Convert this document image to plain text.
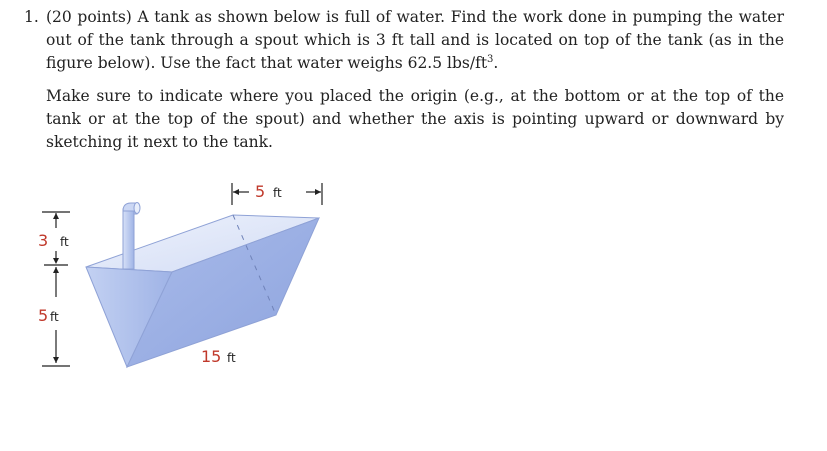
1. (20 points) A tank as shown below is full of water. Find the work done in pumping the water out of the tank through a spout which is 3 ft tall and is located on top of the tank (as in the figure below). Use the fact that water weighs 62.5 lbs/$ft^3$.

Make sure to indicate where you placed the origin (e.g., at the bottom or at the top of the tank or at the top of the spout) and whether the axis is pointing upward or downward by sketching it next to the tank.

5 ft
3 ft
5 ft
15 ft
